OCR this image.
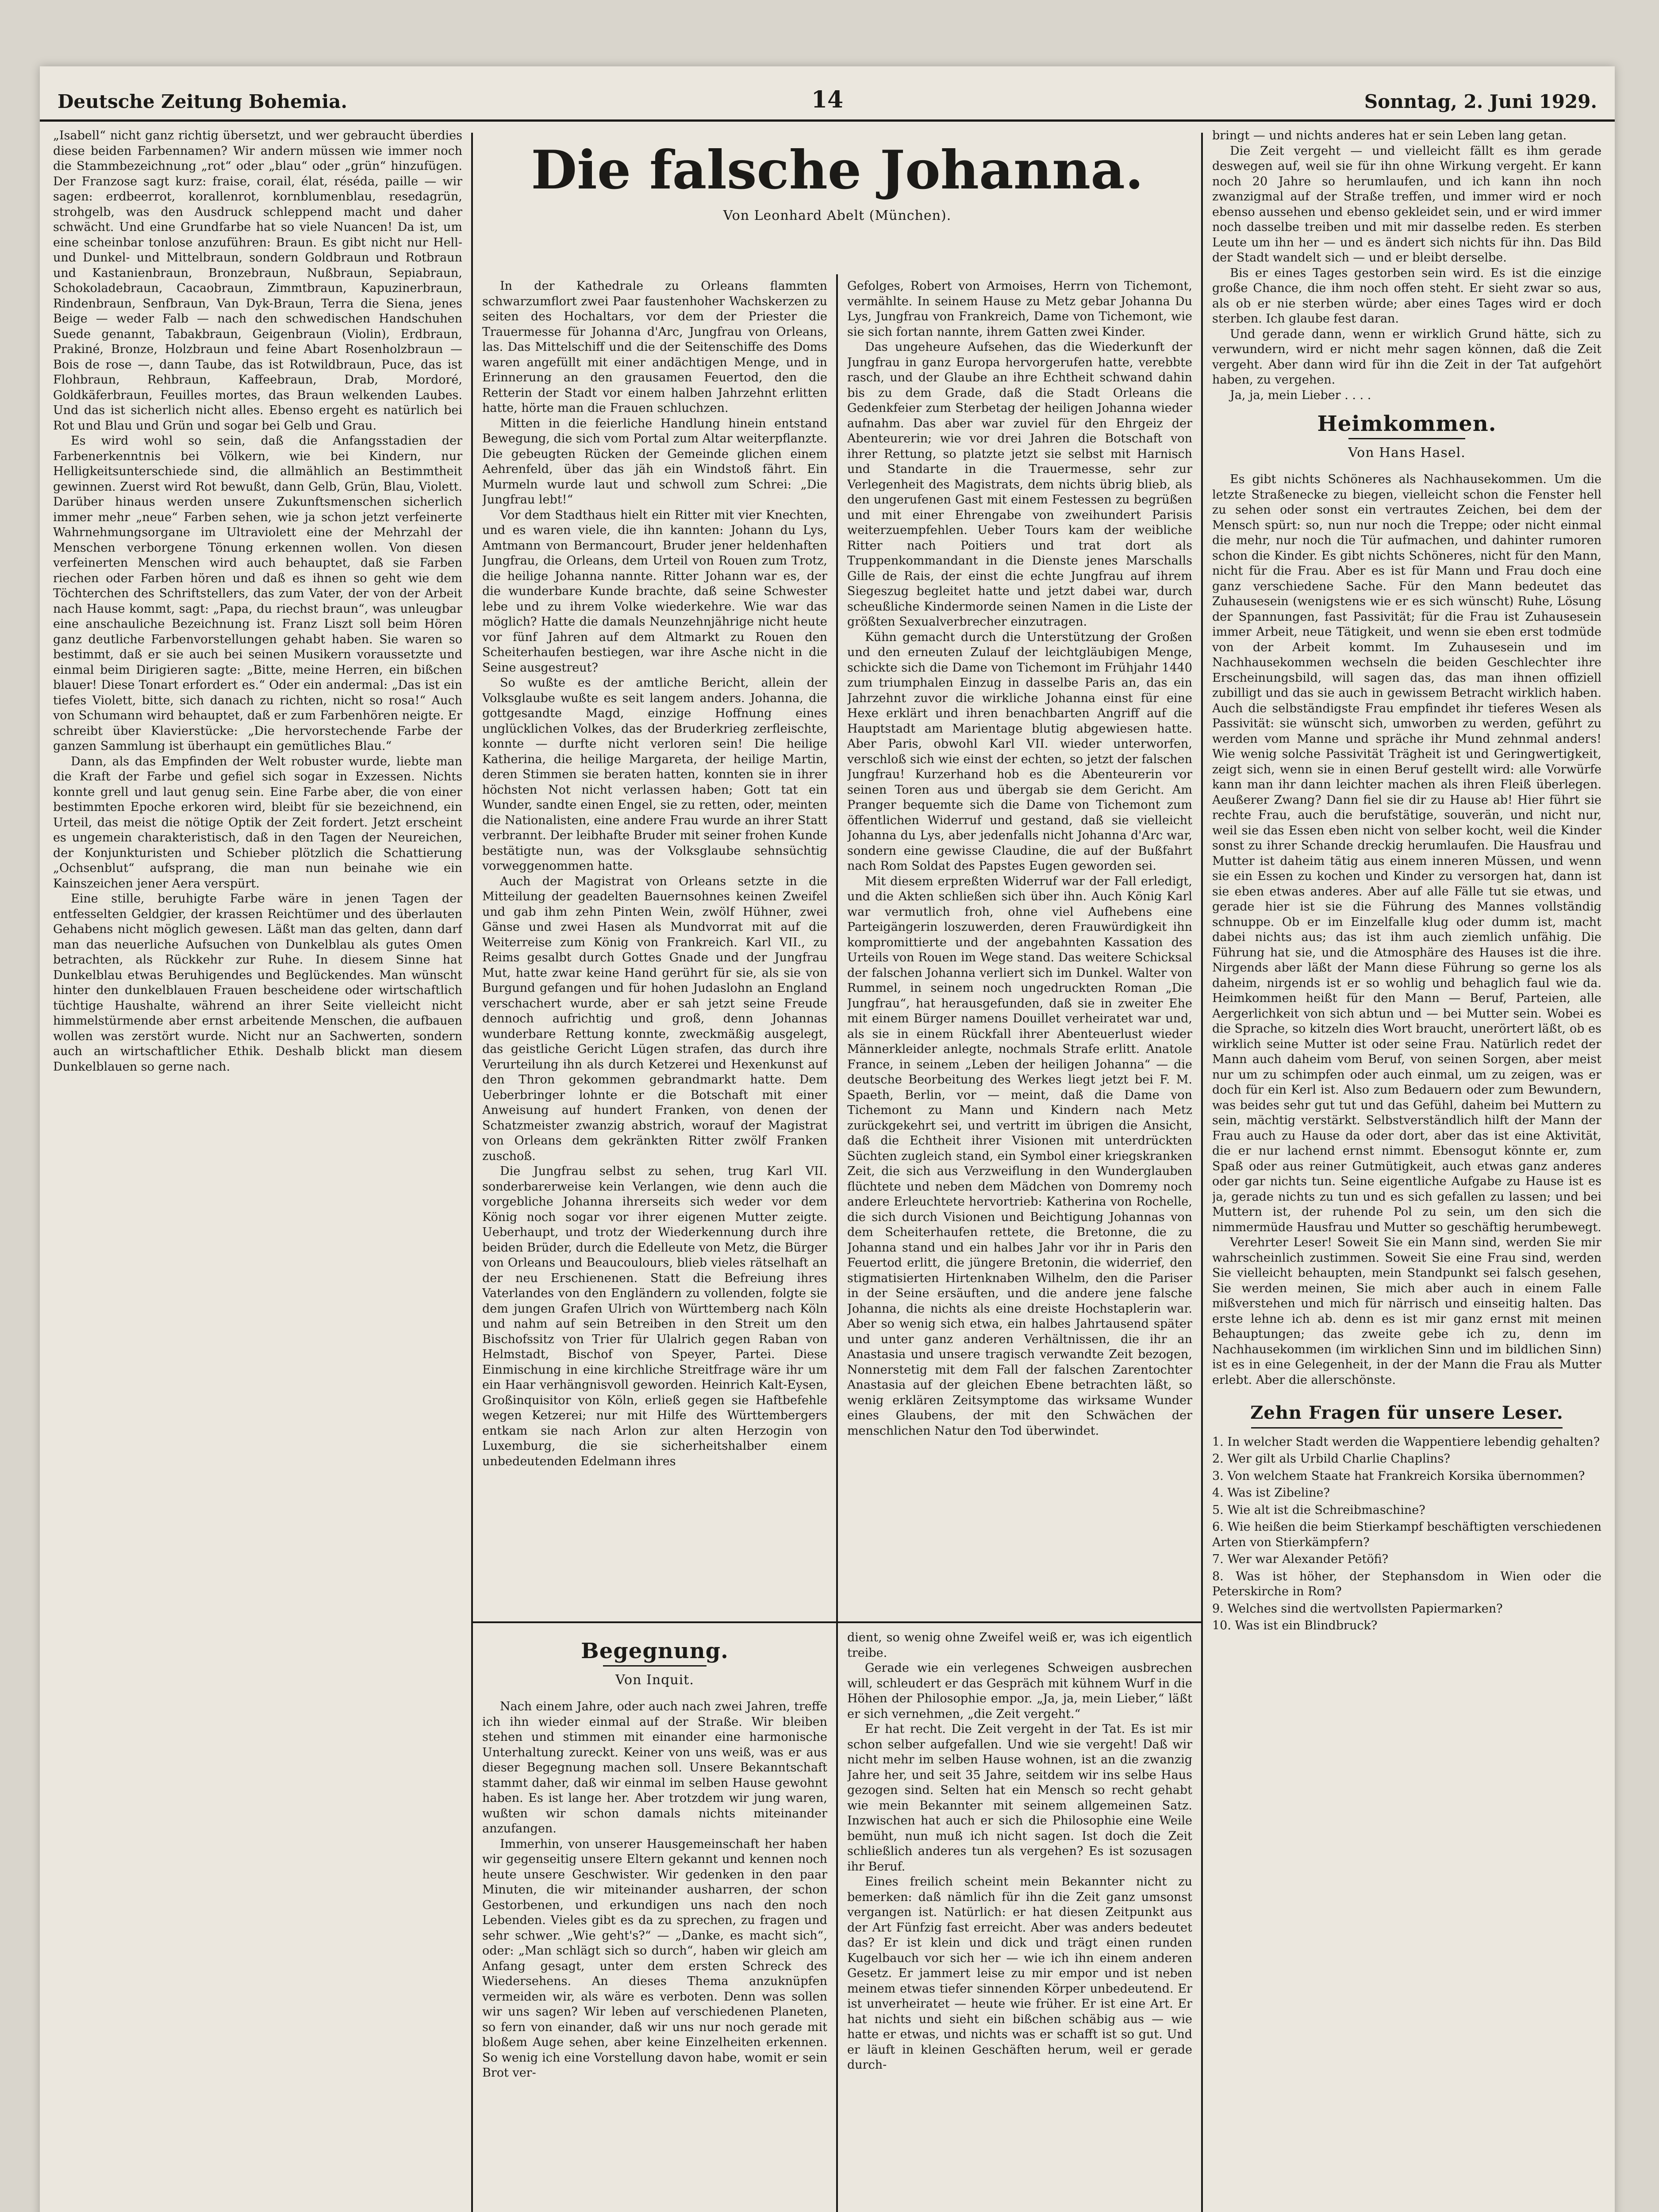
Deutsche Zeitung Bohemia.	14	Sonntag, 2. Juni 1929.

„Isabell“ nicht ganz richtig übersetzt, und wer gebraucht überdies diese beiden Farbennamen? Wir andern müssen wie immer noch die Stammbezeichnung „rot“ oder „blau“ oder „grün“ hinzufügen. Der Franzose sagt kurz: fraise, corail, élat, réséda, paille — wir sagen: erdbeerrot, korallenrot, kornblumenblau, resedagrün, strohgelb, was den Ausdruck schleppend macht und daher schwächt. Und eine Grundfarbe hat so viele Nuancen! Da ist, um eine scheinbar tonlose anzuführen: Braun. Es gibt nicht nur Hell- und Dunkel- und Mittelbraun, sondern Goldbraun und Rotbraun und Kastanienbraun, Bronzebraun, Nußbraun, Sepiabraun, Schokoladebraun, Cacaobraun, Zimmtbraun, Kapuzinerbraun, Rindenbraun, Senfbraun, Van Dyk-Braun, Terra die Siena, jenes Beige — weder Falb — nach den schwedischen Handschuhen Suede genannt, Tabakbraun, Geigenbraun (Violin), Erdbraun, Prakiné, Bronze, Holzbraun und feine Abart Rosenholzbraun — Bois de rose —, dann Taube, das ist Rotwildbraun, Puce, das ist Flohbraun, Rehbraun, Kaffeebraun, Drab, Mordoré, Goldkäferbraun, Feuilles mortes, das Braun welkenden Laubes. Und das ist sicherlich nicht alles. Ebenso ergeht es natürlich bei Rot und Blau und Grün und sogar bei Gelb und Grau.

Es wird wohl so sein, daß die Anfangsstadien der Farbenerkenntnis bei Völkern, wie bei Kindern, nur Helligkeitsunterschiede sind, die allmählich an Bestimmtheit gewinnen. Zuerst wird Rot bewußt, dann Gelb, Grün, Blau, Violett. Darüber hinaus werden unsere Zukunftsmenschen sicherlich immer mehr „neue“ Farben sehen, wie ja schon jetzt verfeinerte Wahrnehmungsorgane im Ultraviolett eine der Mehrzahl der Menschen verborgene Tönung erkennen wollen. Von diesen verfeinerten Menschen wird auch behauptet, daß sie Farben riechen oder Farben hören und daß es ihnen so geht wie dem Töchterchen des Schriftstellers, das zum Vater, der von der Arbeit nach Hause kommt, sagt: „Papa, du riechst braun“, was unleugbar eine anschauliche Bezeichnung ist. Franz Liszt soll beim Hören ganz deutliche Farbenvorstellungen gehabt haben. Sie waren so bestimmt, daß er sie auch bei seinen Musikern voraussetzte und einmal beim Dirigieren sagte: „Bitte, meine Herren, ein bißchen blauer! Diese Tonart erfordert es.“ Oder ein andermal: „Das ist ein tiefes Violett, bitte, sich danach zu richten, nicht so rosa!“ Auch von Schumann wird behauptet, daß er zum Farbenhören neigte. Er schreibt über Klavierstücke: „Die hervorstechende Farbe der ganzen Sammlung ist überhaupt ein gemütliches Blau.“

Dann, als das Empfinden der Welt robuster wurde, liebte man die Kraft der Farbe und gefiel sich sogar in Exzessen. Nichts konnte grell und laut genug sein. Eine Farbe aber, die von einer bestimmten Epoche erkoren wird, bleibt für sie bezeichnend, ein Urteil, das meist die nötige Optik der Zeit fordert. Jetzt erscheint es ungemein charakteristisch, daß in den Tagen der Neureichen, der Konjunkturisten und Schieber plötzlich die Schattierung „Ochsenblut“ aufsprang, die man nun beinahe wie ein Kainszeichen jener Aera verspürt.

Eine stille, beruhigte Farbe wäre in jenen Tagen der entfesselten Geldgier, der krassen Reichtümer und des überlauten Gehabens nicht möglich gewesen. Läßt man das gelten, dann darf man das neuerliche Aufsuchen von Dunkelblau als gutes Omen betrachten, als Rückkehr zur Ruhe. In diesem Sinne hat Dunkelblau etwas Beruhigendes und Beglückendes. Man wünscht hinter den dunkelblauen Frauen bescheidene oder wirtschaftlich tüchtige Haushalte, während an ihrer Seite vielleicht nicht himmelstürmende aber ernst arbeitende Menschen, die aufbauen wollen was zerstört wurde. Nicht nur an Sachwerten, sondern auch an wirtschaftlicher Ethik. Deshalb blickt man diesem Dunkelblauen so gerne nach.

Die falsche Johanna.
Von Leonhard Abelt (München).

In der Kathedrale zu Orleans flammten schwarzumflort zwei Paar faustenhoher Wachskerzen zu seiten des Hochaltars, vor dem der Priester die Trauermesse für Johanna d'Arc, Jungfrau von Orleans, las. Das Mittelschiff und die der Seitenschiffe des Doms waren angefüllt mit einer andächtigen Menge, und in Erinnerung an den grausamen Feuertod, den die Retterin der Stadt vor einem halben Jahrzehnt erlitten hatte, hörte man die Frauen schluchzen.

Mitten in die feierliche Handlung hinein entstand Bewegung, die sich vom Portal zum Altar weiterpflanzte. Die gebeugten Rücken der Gemeinde glichen einem Aehrenfeld, über das jäh ein Windstoß fährt. Ein Murmeln wurde laut und schwoll zum Schrei: „Die Jungfrau lebt!“

Vor dem Stadthaus hielt ein Ritter mit vier Knechten, und es waren viele, die ihn kannten: Johann du Lys, Amtmann von Bermancourt, Bruder jener heldenhaften Jungfrau, die Orleans, dem Urteil von Rouen zum Trotz, die heilige Johanna nannte. Ritter Johann war es, der die wunderbare Kunde brachte, daß seine Schwester lebe und zu ihrem Volke wiederkehre. Wie war das möglich? Hatte die damals Neunzehnjährige nicht heute vor fünf Jahren auf dem Altmarkt zu Rouen den Scheiterhaufen bestiegen, war ihre Asche nicht in die Seine ausgestreut?

So wußte es der amtliche Bericht, allein der Volksglaube wußte es seit langem anders. Johanna, die gottgesandte Magd, einzige Hoffnung eines unglücklichen Volkes, das der Bruderkrieg zerfleischte, konnte — durfte nicht verloren sein! Die heilige Katherina, die heilige Margareta, der heilige Martin, deren Stimmen sie beraten hatten, konnten sie in ihrer höchsten Not nicht verlassen haben; Gott tat ein Wunder, sandte einen Engel, sie zu retten, oder, meinten die Nationalisten, eine andere Frau wurde an ihrer Statt verbrannt. Der leibhafte Bruder mit seiner frohen Kunde bestätigte nun, was der Volksglaube sehnsüchtig vorweggenommen hatte.

Auch der Magistrat von Orleans setzte in die Mitteilung der geadelten Bauernsohnes keinen Zweifel und gab ihm zehn Pinten Wein, zwölf Hühner, zwei Gänse und zwei Hasen als Mundvorrat mit auf die Weiterreise zum König von Frankreich. Karl VII., zu Reims gesalbt durch Gottes Gnade und der Jungfrau Mut, hatte zwar keine Hand gerührt für sie, als sie von Burgund gefangen und für hohen Judaslohn an England verschachert wurde, aber er sah jetzt seine Freude dennoch aufrichtig und groß, denn Johannas wunderbare Rettung konnte, zweckmäßig ausgelegt, das geistliche Gericht Lügen strafen, das durch ihre Verurteilung ihn als durch Ketzerei und Hexenkunst auf den Thron gekommen gebrandmarkt hatte. Dem Ueberbringer lohnte er die Botschaft mit einer Anweisung auf hundert Franken, von denen der Schatzmeister zwanzig abstrich, worauf der Magistrat von Orleans dem gekränkten Ritter zwölf Franken zuschoß.

Die Jungfrau selbst zu sehen, trug Karl VII. sonderbarerweise kein Verlangen, wie denn auch die vorgebliche Johanna ihrerseits sich weder vor dem König noch sogar vor ihrer eigenen Mutter zeigte. Ueberhaupt, und trotz der Wiederkennung durch ihre beiden Brüder, durch die Edelleute von Metz, die Bürger von Orleans und Beaucoulours, blieb vieles rätselhaft an der neu Erschienenen. Statt die Befreiung ihres Vaterlandes von den Engländern zu vollenden, folgte sie dem jungen Grafen Ulrich von Württemberg nach Köln und nahm auf sein Betreiben in den Streit um den Bischofssitz von Trier für Ulalrich gegen Raban von Helmstadt, Bischof von Speyer, Partei. Diese Einmischung in eine kirchliche Streitfrage wäre ihr um ein Haar verhängnisvoll geworden. Heinrich Kalt-Eysen, Großinquisitor von Köln, erließ gegen sie Haftbefehle wegen Ketzerei; nur mit Hilfe des Württembergers entkam sie nach Arlon zur alten Herzogin von Luxemburg, die sie sicherheitshalber einem unbedeutenden Edelmann ihres

Gefolges, Robert von Armoises, Herrn von Tichemont, vermählte. In seinem Hause zu Metz gebar Johanna Du Lys, Jungfrau von Frankreich, Dame von Tichemont, wie sie sich fortan nannte, ihrem Gatten zwei Kinder.

Das ungeheure Aufsehen, das die Wiederkunft der Jungfrau in ganz Europa hervorgerufen hatte, verebbte rasch, und der Glaube an ihre Echtheit schwand dahin bis zu dem Grade, daß die Stadt Orleans die Gedenkfeier zum Sterbetag der heiligen Johanna wieder aufnahm. Das aber war zuviel für den Ehrgeiz der Abenteurerin; wie vor drei Jahren die Botschaft von ihrer Rettung, so platzte jetzt sie selbst mit Harnisch und Standarte in die Trauermesse, sehr zur Verlegenheit des Magistrats, dem nichts übrig blieb, als den ungerufenen Gast mit einem Festessen zu begrüßen und mit einer Ehrengabe von zweihundert Parisis weiterzuempfehlen. Ueber Tours kam der weibliche Ritter nach Poitiers und trat dort als Truppenkommandant in die Dienste jenes Marschalls Gille de Rais, der einst die echte Jungfrau auf ihrem Siegeszug begleitet hatte und jetzt dabei war, durch scheußliche Kindermorde seinen Namen in die Liste der größten Sexualverbrecher einzutragen.

Kühn gemacht durch die Unterstützung der Großen und den erneuten Zulauf der leichtgläubigen Menge, schickte sich die Dame von Tichemont im Frühjahr 1440 zum triumphalen Einzug in dasselbe Paris an, das ein Jahrzehnt zuvor die wirkliche Johanna einst für eine Hexe erklärt und ihren benachbarten Angriff auf die Hauptstadt am Marientage blutig abgewiesen hatte. Aber Paris, obwohl Karl VII. wieder unterworfen, verschloß sich wie einst der echten, so jetzt der falschen Jungfrau! Kurzerhand hob es die Abenteurerin vor seinen Toren aus und übergab sie dem Gericht. Am Pranger bequemte sich die Dame von Tichemont zum öffentlichen Widerruf und gestand, daß sie vielleicht Johanna du Lys, aber jedenfalls nicht Johanna d'Arc war, sondern eine gewisse Claudine, die auf der Bußfahrt nach Rom Soldat des Papstes Eugen geworden sei.

Mit diesem erpreßten Widerruf war der Fall erledigt, und die Akten schließen sich über ihn. Auch König Karl war vermutlich froh, ohne viel Aufhebens eine Parteigängerin loszuwerden, deren Frauwürdigkeit ihn kompromittierte und der angebahnten Kassation des Urteils von Rouen im Wege stand. Das weitere Schicksal der falschen Johanna verliert sich im Dunkel. Walter von Rummel, in seinem noch ungedruckten Roman „Die Jungfrau“, hat herausgefunden, daß sie in zweiter Ehe mit einem Bürger namens Douillet verheiratet war und, als sie in einem Rückfall ihrer Abenteuerlust wieder Männerkleider anlegte, nochmals Strafe erlitt. Anatole France, in seinem „Leben der heiligen Johanna“ — die deutsche Beorbeitung des Werkes liegt jetzt bei F. M. Spaeth, Berlin, vor — meint, daß die Dame von Tichemont zu Mann und Kindern nach Metz zurückgekehrt sei, und vertritt im übrigen die Ansicht, daß die Echtheit ihrer Visionen mit unterdrückten Süchten zugleich stand, ein Symbol einer kriegskranken Zeit, die sich aus Verzweiflung in den Wunderglauben flüchtete und neben dem Mädchen von Domremy noch andere Erleuchtete hervortrieb: Katherina von Rochelle, die sich durch Visionen und Beichtigung Johannas von dem Scheiterhaufen rettete, die Bretonne, die zu Johanna stand und ein halbes Jahr vor ihr in Paris den Feuertod erlitt, die jüngere Bretonin, die widerrief, den stigmatisierten Hirtenknaben Wilhelm, den die Pariser in der Seine ersäuften, und die andere jene falsche Johanna, die nichts als eine dreiste Hochstaplerin war. Aber so wenig sich etwa, ein halbes Jahrtausend später und unter ganz anderen Verhältnissen, die ihr an Anastasia und unsere tragisch verwandte Zeit bezogen, Nonnerstetig mit dem Fall der falschen Zarentochter Anastasia auf der gleichen Ebene betrachten läßt, so wenig erklären Zeitsymptome das wirksame Wunder eines Glaubens, der mit den Schwächen der menschlichen Natur den Tod überwindet.

Begegnung.
Von Inquit.

Nach einem Jahre, oder auch nach zwei Jahren, treffe ich ihn wieder einmal auf der Straße. Wir bleiben stehen und stimmen mit einander eine harmonische Unterhaltung zureckt. Keiner von uns weiß, was er aus dieser Begegnung machen soll. Unsere Bekanntschaft stammt daher, daß wir einmal im selben Hause gewohnt haben. Es ist lange her. Aber trotzdem wir jung waren, wußten wir schon damals nichts miteinander anzufangen.

Immerhin, von unserer Hausgemeinschaft her haben wir gegenseitig unsere Eltern gekannt und kennen noch heute unsere Geschwister. Wir gedenken in den paar Minuten, die wir miteinander ausharren, der schon Gestorbenen, und erkundigen uns nach den noch Lebenden. Vieles gibt es da zu sprechen, zu fragen und sehr schwer. „Wie geht's?“ — „Danke, es macht sich“, oder: „Man schlägt sich so durch“, haben wir gleich am Anfang gesagt, unter dem ersten Schreck des Wiedersehens. An dieses Thema anzuknüpfen vermeiden wir, als wäre es verboten. Denn was sollen wir uns sagen? Wir leben auf verschiedenen Planeten, so fern von einander, daß wir uns nur noch gerade mit bloßem Auge sehen, aber keine Einzelheiten erkennen. So wenig ich eine Vorstellung davon habe, womit er sein Brot ver-

dient, so wenig ohne Zweifel weiß er, was ich eigentlich treibe.

Gerade wie ein verlegenes Schweigen ausbrechen will, schleudert er das Gespräch mit kühnem Wurf in die Höhen der Philosophie empor. „Ja, ja, mein Lieber,“ läßt er sich vernehmen, „die Zeit vergeht.“

Er hat recht. Die Zeit vergeht in der Tat. Es ist mir schon selber aufgefallen. Und wie sie vergeht! Daß wir nicht mehr im selben Hause wohnen, ist an die zwanzig Jahre her, und seit 35 Jahre, seitdem wir ins selbe Haus gezogen sind. Selten hat ein Mensch so recht gehabt wie mein Bekannter mit seinem allgemeinen Satz. Inzwischen hat auch er sich die Philosophie eine Weile bemüht, nun muß ich nicht sagen. Ist doch die Zeit schließlich anderes tun als vergehen? Es ist sozusagen ihr Beruf.

Eines freilich scheint mein Bekannter nicht zu bemerken: daß nämlich für ihn die Zeit ganz umsonst vergangen ist. Natürlich: er hat diesen Zeitpunkt aus der Art Fünfzig fast erreicht. Aber was anders bedeutet das? Er ist klein und dick und trägt einen runden Kugelbauch vor sich her — wie ich ihn einem anderen Gesetz. Er jammert leise zu mir empor und ist neben meinem etwas tiefer sinnenden Körper unbedeutend. Er ist unverheiratet — heute wie früher. Er ist eine Art. Er hat nichts und sieht ein bißchen schäbig aus — wie hatte er etwas, und nichts was er schafft ist so gut. Und er läuft in kleinen Geschäften herum, weil er gerade durch-

bringt — und nichts anderes hat er sein Leben lang getan.

Die Zeit vergeht — und vielleicht fällt es ihm gerade deswegen auf, weil sie für ihn ohne Wirkung vergeht. Er kann noch 20 Jahre so herumlaufen, und ich kann ihn noch zwanzigmal auf der Straße treffen, und immer wird er noch ebenso aussehen und ebenso gekleidet sein, und er wird immer noch dasselbe treiben und mit mir dasselbe reden. Es sterben Leute um ihn her — und es ändert sich nichts für ihn. Das Bild der Stadt wandelt sich — und er bleibt derselbe.

Bis er eines Tages gestorben sein wird. Es ist die einzige große Chance, die ihm noch offen steht. Er sieht zwar so aus, als ob er nie sterben würde; aber eines Tages wird er doch sterben. Ich glaube fest daran.

Und gerade dann, wenn er wirklich Grund hätte, sich zu verwundern, wird er nicht mehr sagen können, daß die Zeit vergeht. Aber dann wird für ihn die Zeit in der Tat aufgehört haben, zu vergehen.

Ja, ja, mein Lieber . . . .

Heimkommen.
Von Hans Hasel.

Es gibt nichts Schöneres als Nachhausekommen. Um die letzte Straßenecke zu biegen, vielleicht schon die Fenster hell zu sehen oder sonst ein vertrautes Zeichen, bei dem der Mensch spürt: so, nun nur noch die Treppe; oder nicht einmal die mehr, nur noch die Tür aufmachen, und dahinter rumoren schon die Kinder. Es gibt nichts Schöneres, nicht für den Mann, nicht für die Frau. Aber es ist für Mann und Frau doch eine ganz verschiedene Sache. Für den Mann bedeutet das Zuhausesein (wenigstens wie er es sich wünscht) Ruhe, Lösung der Spannungen, fast Passivität; für die Frau ist Zuhausesein immer Arbeit, neue Tätigkeit, und wenn sie eben erst todmüde von der Arbeit kommt. Im Zuhausesein und im Nachhausekommen wechseln die beiden Geschlechter ihre Erscheinungsbild, will sagen das, das man ihnen offiziell zubilligt und das sie auch in gewissem Betracht wirklich haben. Auch die selbständigste Frau empfindet ihr tieferes Wesen als Passivität: sie wünscht sich, umworben zu werden, geführt zu werden vom Manne und spräche ihr Mund zehnmal anders! Wie wenig solche Passivität Trägheit ist und Geringwertigkeit, zeigt sich, wenn sie in einen Beruf gestellt wird: alle Vorwürfe kann man ihr dann leichter machen als ihren Fleiß überlegen. Aeußerer Zwang? Dann fiel sie dir zu Hause ab! Hier führt sie rechte Frau, auch die berufstätige, souverän, und nicht nur, weil sie das Essen eben nicht von selber kocht, weil die Kinder sonst zu ihrer Schande dreckig herumlaufen. Die Hausfrau und Mutter ist daheim tätig aus einem inneren Müssen, und wenn sie ein Essen zu kochen und Kinder zu versorgen hat, dann ist sie eben etwas anderes. Aber auf alle Fälle tut sie etwas, und gerade hier ist sie die Führung des Mannes vollständig schnuppe. Ob er im Einzelfalle klug oder dumm ist, macht dabei nichts aus; das ist ihm auch ziemlich unfähig. Die Führung hat sie, und die Atmosphäre des Hauses ist die ihre. Nirgends aber läßt der Mann diese Führung so gerne los als daheim, nirgends ist er so wohlig und behaglich faul wie da. Heimkommen heißt für den Mann — Beruf, Parteien, alle Aergerlichkeit von sich abtun und — bei Mutter sein. Wobei es die Sprache, so kitzeln dies Wort braucht, unerörtert läßt, ob es wirklich seine Mutter ist oder seine Frau. Natürlich redet der Mann auch daheim vom Beruf, von seinen Sorgen, aber meist nur um zu schimpfen oder auch einmal, um zu zeigen, was er doch für ein Kerl ist. Also zum Bedauern oder zum Bewundern, was beides sehr gut tut und das Gefühl, daheim bei Muttern zu sein, mächtig verstärkt. Selbstverständlich hilft der Mann der Frau auch zu Hause da oder dort, aber das ist eine Aktivität, die er nur lachend ernst nimmt. Ebensogut könnte er, zum Spaß oder aus reiner Gutmütigkeit, auch etwas ganz anderes oder gar nichts tun. Seine eigentliche Aufgabe zu Hause ist es ja, gerade nichts zu tun und es sich gefallen zu lassen; und bei Muttern ist, der ruhende Pol zu sein, um den sich die nimmermüde Hausfrau und Mutter so geschäftig herumbewegt.

Verehrter Leser! Soweit Sie ein Mann sind, werden Sie mir wahrscheinlich zustimmen. Soweit Sie eine Frau sind, werden Sie vielleicht behaupten, mein Standpunkt sei falsch gesehen, Sie werden meinen, Sie mich aber auch in einem Falle mißverstehen und mich für närrisch und einseitig halten. Das erste lehne ich ab. denn es ist mir ganz ernst mit meinen Behauptungen; das zweite gebe ich zu, denn im Nachhausekommen (im wirklichen Sinn und im bildlichen Sinn) ist es in eine Gelegenheit, in der der Mann die Frau als Mutter erlebt. Aber die allerschönste.

Zehn Fragen für unsere Leser.
1. In welcher Stadt werden die Wappentiere lebendig gehalten?
2. Wer gilt als Urbild Charlie Chaplins?
3. Von welchem Staate hat Frankreich Korsika übernommen?
4. Was ist Zibeline?
5. Wie alt ist die Schreibmaschine?
6. Wie heißen die beim Stierkampf beschäftigten verschiedenen Arten von Stierkämpfern?
7. Wer war Alexander Petöfi?
8. Was ist höher, der Stephansdom in Wien oder die Peterskirche in Rom?
9. Welches sind die wertvollsten Papiermarken?
10. Was ist ein Blindbruck?
